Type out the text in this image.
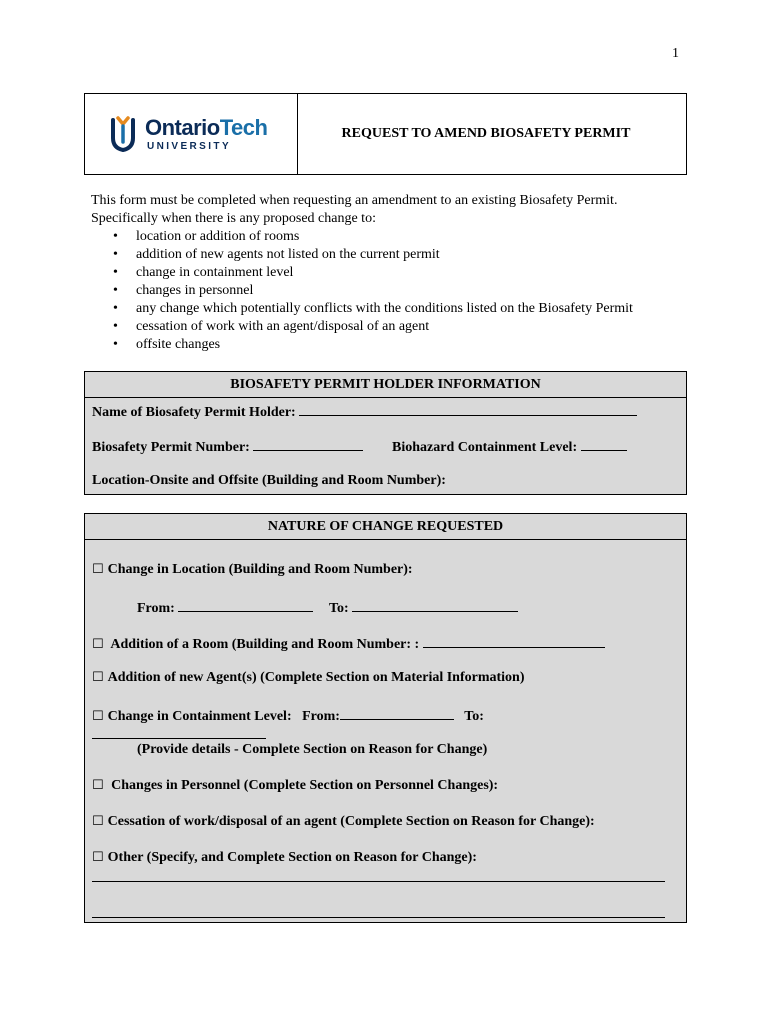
1
OntarioTech
UNIVERSITY
REQUEST TO AMEND BIOSAFETY PERMIT
This form must be completed when requesting an amendment to an existing Biosafety Permit.
Specifically when there is any proposed change to:
• location or addition of rooms
• addition of new agents not listed on the current permit
• change in containment level
• changes in personnel
• any change which potentially conflicts with the conditions listed on the Biosafety Permit
• cessation of work with an agent/disposal of an agent
• offsite changes
BIOSAFETY PERMIT HOLDER INFORMATION
Name of Biosafety Permit Holder:
Biosafety Permit Number:	Biohazard Containment Level:
Location-Onsite and Offsite (Building and Room Number):
NATURE OF CHANGE REQUESTED
☐ Change in Location (Building and Room Number):
From:	To:
☐ Addition of a Room (Building and Room Number: :
☐ Addition of new Agent(s) (Complete Section on Material Information)
☐ Change in Containment Level: From:	To:
(Provide details - Complete Section on Reason for Change)
☐ Changes in Personnel (Complete Section on Personnel Changes):
☐ Cessation of work/disposal of an agent (Complete Section on Reason for Change):
☐ Other (Specify, and Complete Section on Reason for Change):
